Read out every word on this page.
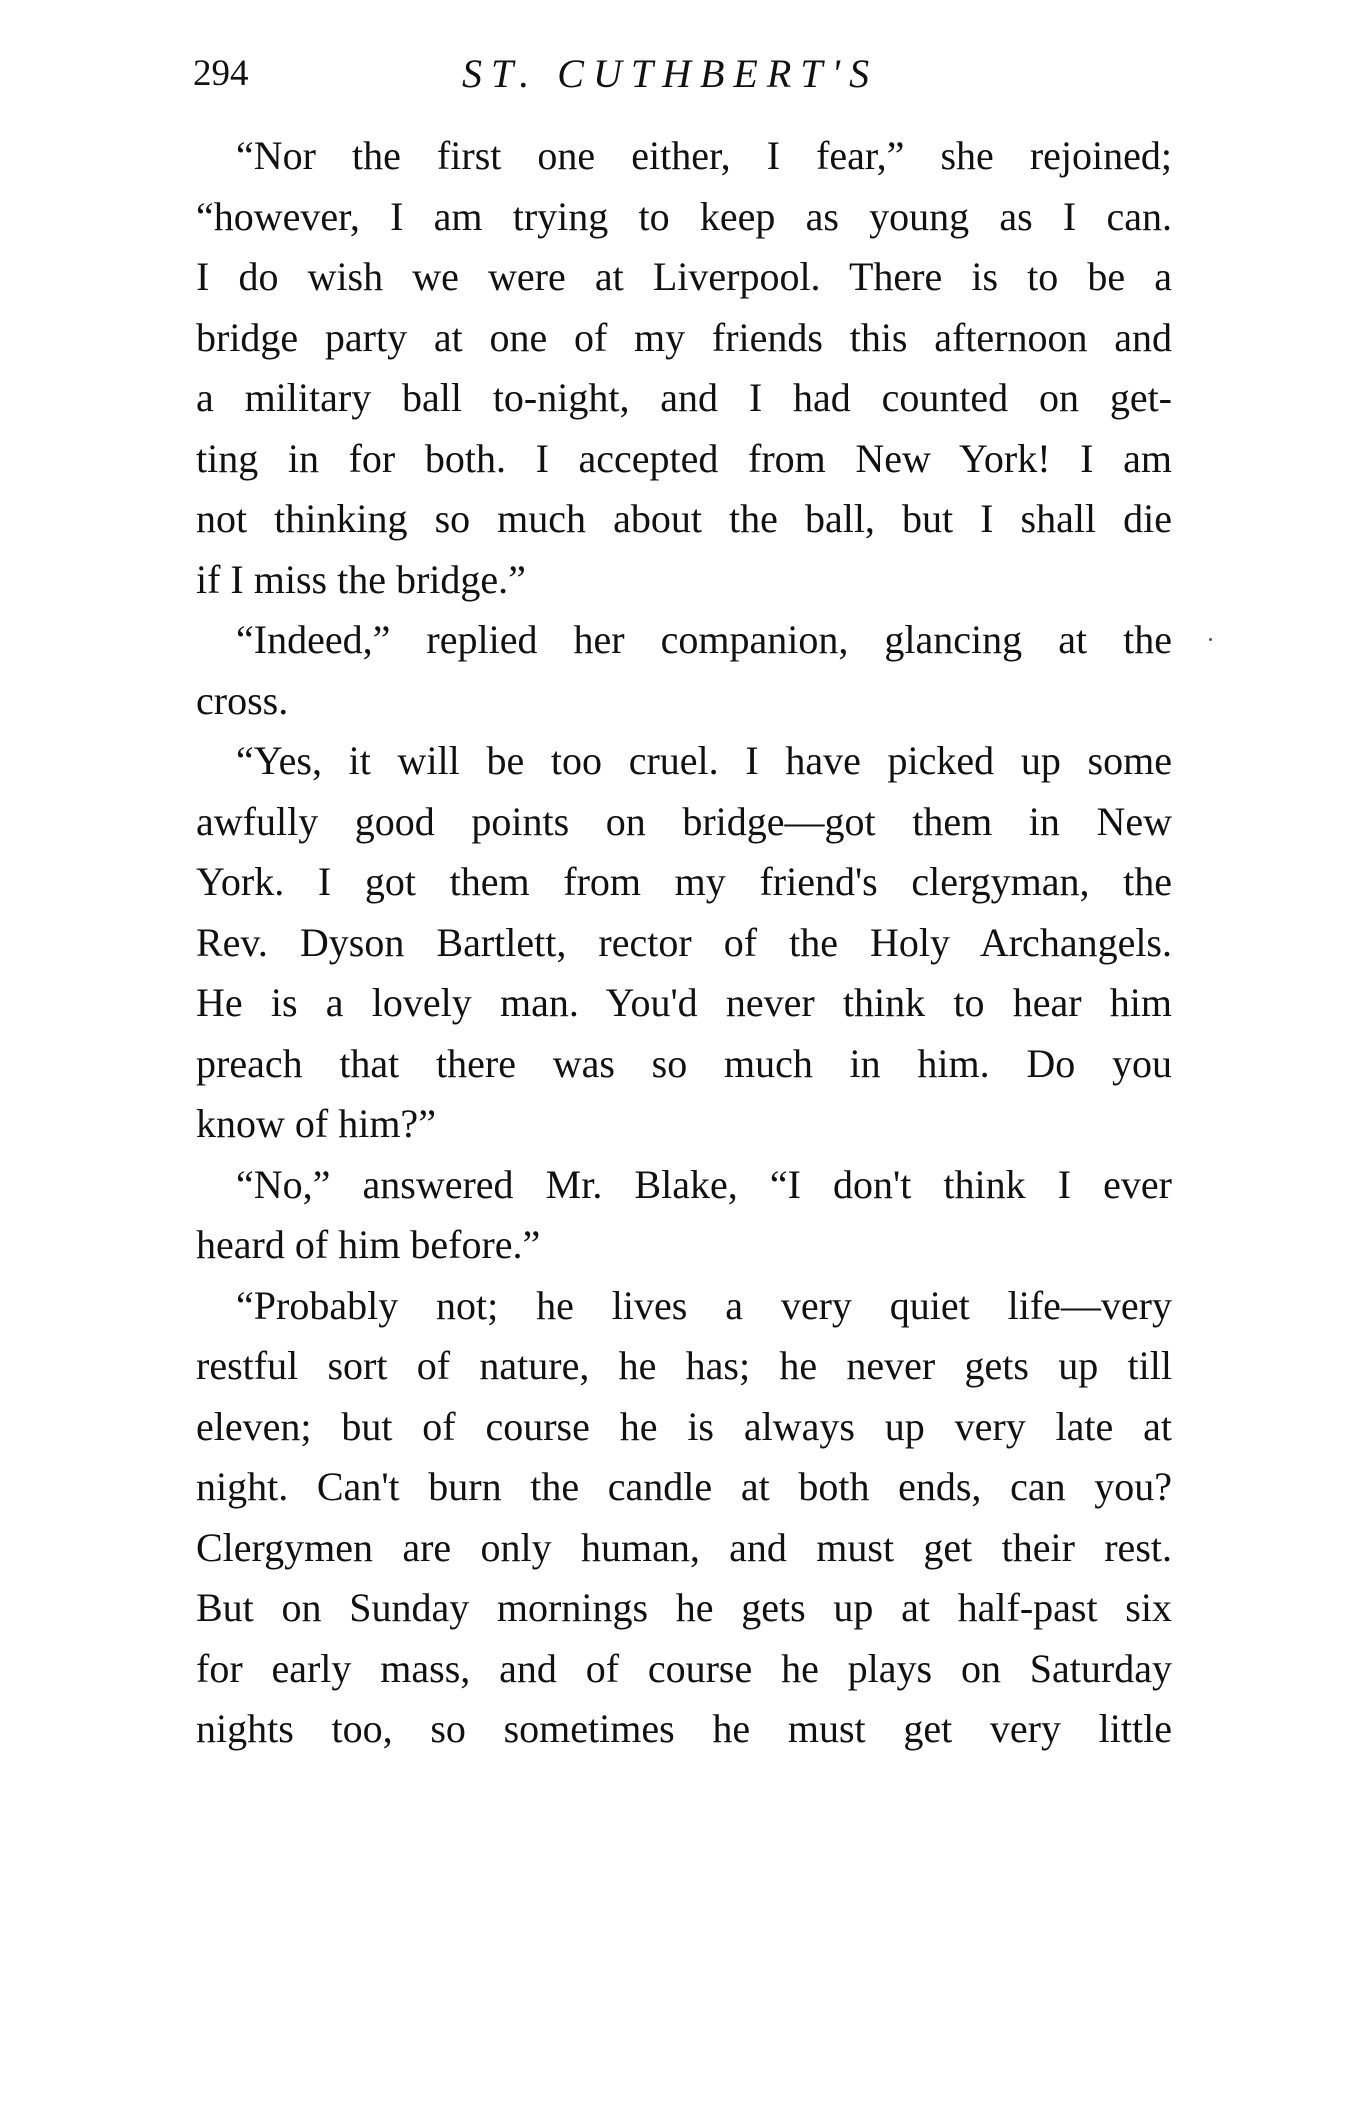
294	ST. CUTHBERT'S
“Nor the first one either, I fear,” she rejoined;
“however, I am trying to keep as young as I can.
I do wish we were at Liverpool. There is to be a
bridge party at one of my friends this afternoon and
a military ball to-night, and I had counted on get-
ting in for both. I accepted from New York! I am
not thinking so much about the ball, but I shall die
if I miss the bridge.”
“Indeed,” replied her companion, glancing at the
cross.
“Yes, it will be too cruel. I have picked up some
awfully good points on bridge—got them in New
York. I got them from my friend's clergyman, the
Rev. Dyson Bartlett, rector of the Holy Archangels.
He is a lovely man. You'd never think to hear him
preach that there was so much in him. Do you
know of him?”
“No,” answered Mr. Blake, “I don't think I ever
heard of him before.”
“Probably not; he lives a very quiet life—very
restful sort of nature, he has; he never gets up till
eleven; but of course he is always up very late at
night. Can't burn the candle at both ends, can you?
Clergymen are only human, and must get their rest.
But on Sunday mornings he gets up at half-past six
for early mass, and of course he plays on Saturday
nights too, so sometimes he must get very little
